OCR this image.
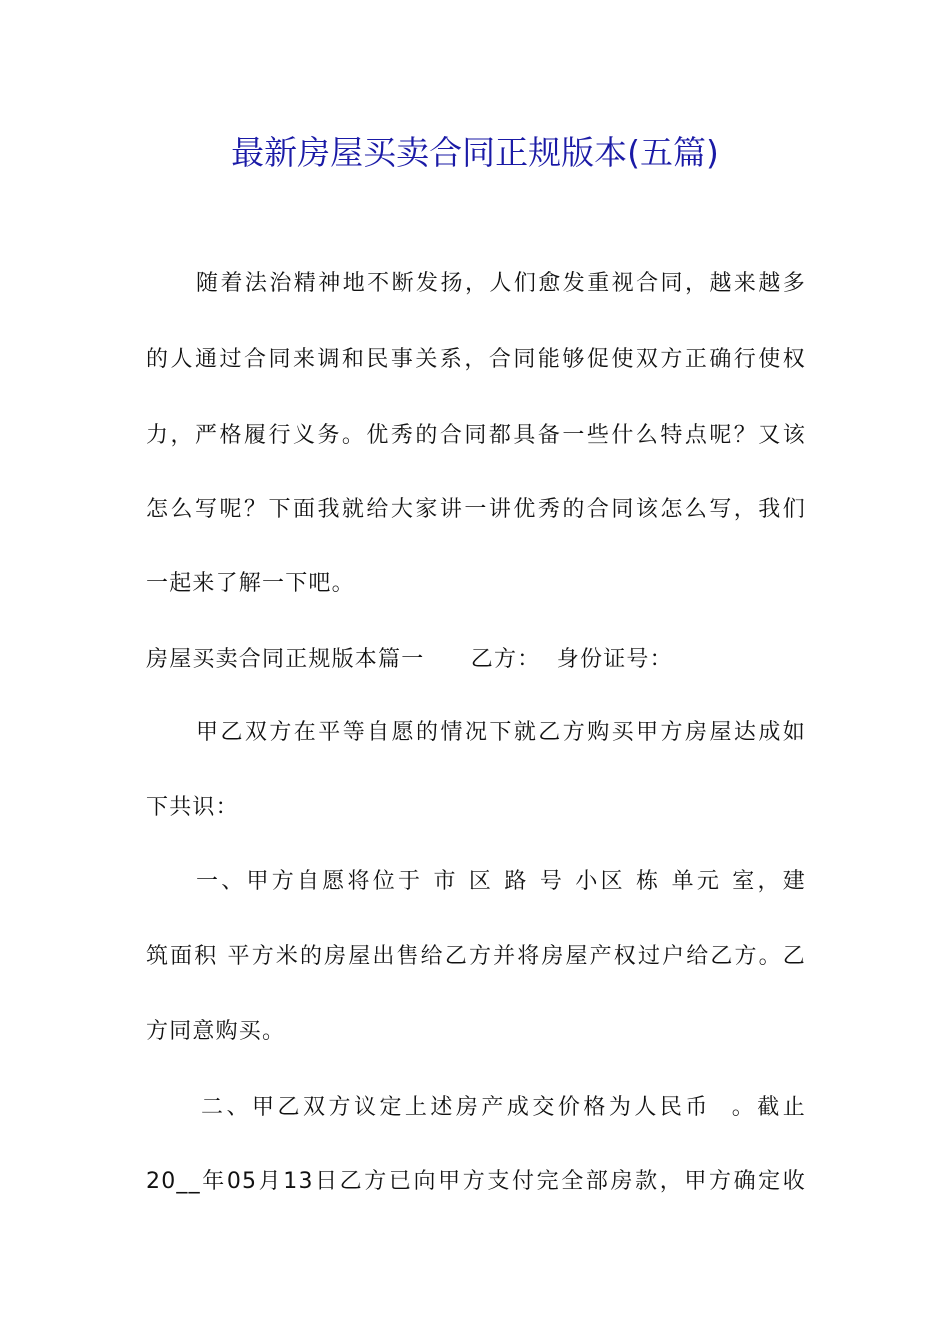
最新房屋买卖合同正规版本(五篇)
随着法治精神地不断发扬，人们愈发重视合同，越来越多
的人通过合同来调和民事关系，合同能够促使双方正确行使权
力，严格履行义务。优秀的合同都具备一些什么特点呢？又该
怎么写呢？下面我就给大家讲一讲优秀的合同该怎么写，我们
一起来了解一下吧。
房屋买卖合同正规版本篇一　　乙方：  身份证号：
甲乙双方在平等自愿的情况下就乙方购买甲方房屋达成如
下共识：
一、甲方自愿将位于 市 区 路 号 小区 栋 单元 室，建
筑面积 平方米的房屋出售给乙方并将房屋产权过户给乙方。乙
方同意购买。
二、甲乙双方议定上述房产成交价格为人民币  。截止
20__年05月13日乙方已向甲方支付完全部房款，甲方确定收
